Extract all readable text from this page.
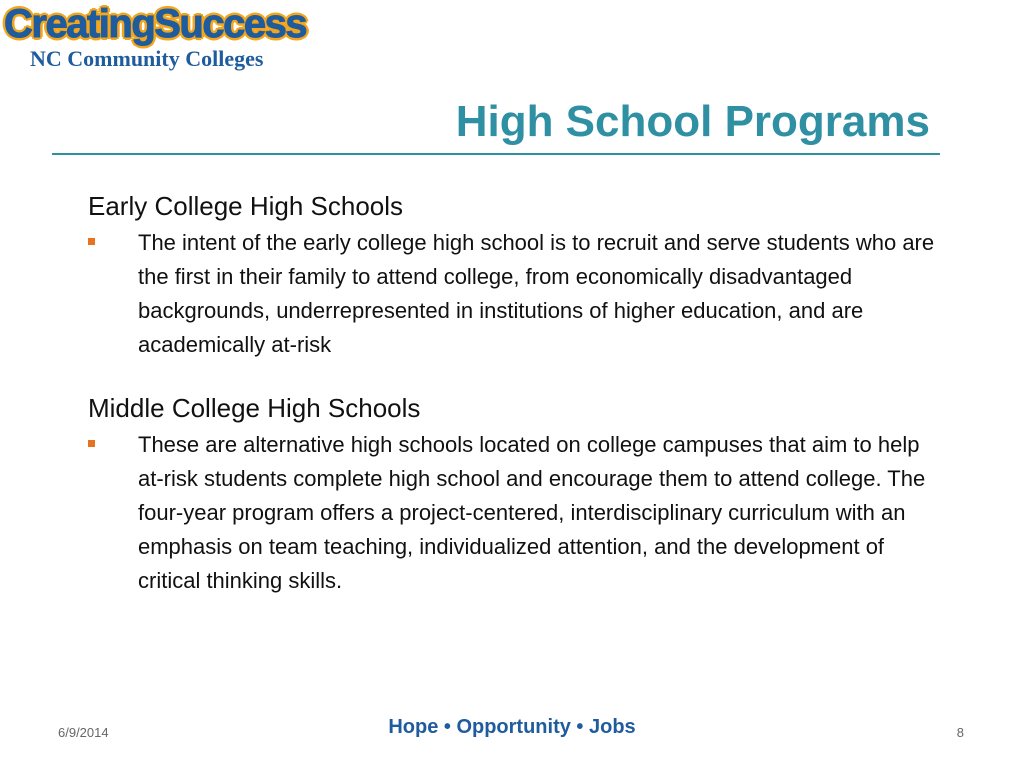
CreatingSuccess
NC Community Colleges
High School Programs
Early College High Schools
The intent of the early college high school is to recruit and serve students who are the first in their family to attend college, from economically disadvantaged backgrounds, underrepresented in institutions of higher education, and are academically at-risk
Middle College High Schools
These are alternative high schools located on college campuses that aim to help at-risk students complete high school and encourage them to attend college. The four-year program offers a project-centered, interdisciplinary curriculum with an emphasis on team teaching, individualized attention, and the development of critical thinking skills.
6/9/2014	Hope • Opportunity • Jobs	8
